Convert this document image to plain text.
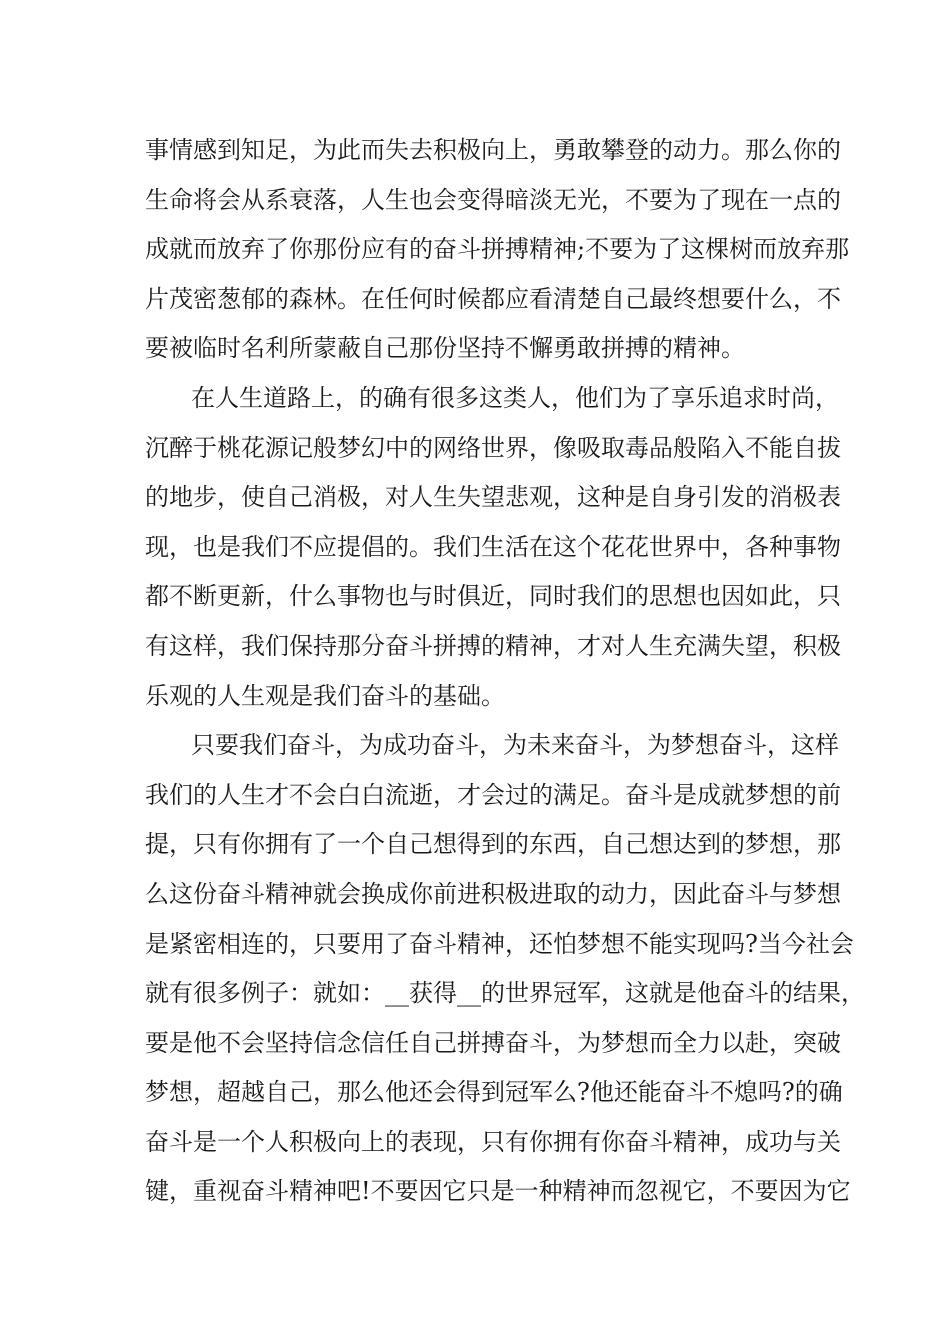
事情感到知足，为此而失去积极向上，勇敢攀登的动力。那么你的
生命将会从系衰落，人生也会变得暗淡无光，不要为了现在一点的
成就而放弃了你那份应有的奋斗拼搏精神;不要为了这棵树而放弃那
片茂密葱郁的森林。在任何时候都应看清楚自己最终想要什么，不
要被临时名利所蒙蔽自己那份坚持不懈勇敢拼搏的精神。
在人生道路上，的确有很多这类人，他们为了享乐追求时尚，
沉醉于桃花源记般梦幻中的网络世界，像吸取毒品般陷入不能自拔
的地步，使自己消极，对人生失望悲观，这种是自身引发的消极表
现，也是我们不应提倡的。我们生活在这个花花世界中，各种事物
都不断更新，什么事物也与时俱近，同时我们的思想也因如此，只
有这样，我们保持那分奋斗拼搏的精神，才对人生充满失望，积极
乐观的人生观是我们奋斗的基础。
只要我们奋斗，为成功奋斗，为未来奋斗，为梦想奋斗，这样
我们的人生才不会白白流逝，才会过的满足。奋斗是成就梦想的前
提，只有你拥有了一个自己想得到的东西，自己想达到的梦想，那
么这份奋斗精神就会换成你前进积极进取的动力，因此奋斗与梦想
是紧密相连的，只要用了奋斗精神，还怕梦想不能实现吗?当今社会
就有很多例子：就如：__获得__的世界冠军，这就是他奋斗的结果，
要是他不会坚持信念信任自己拼搏奋斗，为梦想而全力以赴，突破
梦想，超越自己，那么他还会得到冠军么?他还能奋斗不熄吗?的确
奋斗是一个人积极向上的表现，只有你拥有你奋斗精神，成功与关
键，重视奋斗精神吧!不要因它只是一种精神而忽视它，不要因为它
